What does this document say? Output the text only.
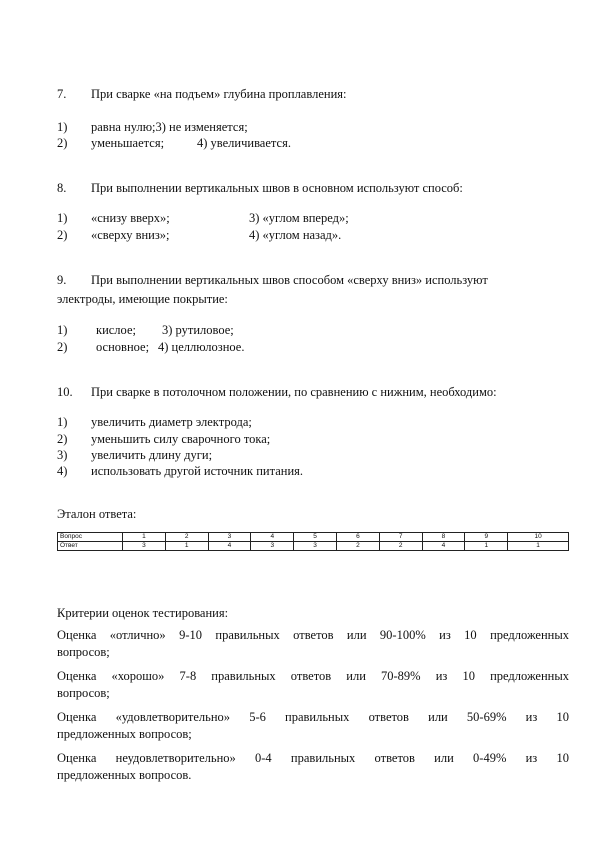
7. При сварке «на подъем» глубина проплавления:
1) равна нулю;3) не изменяется;
2) уменьшается;	4) увеличивается.
8. При выполнении вертикальных швов в основном используют способ:
1) «снизу вверх»;	3) «углом вперед»;
2) «сверху вниз»;	4) «углом назад».
9. При выполнении вертикальных швов способом «сверху вниз» используют
электроды, имеющие покрытие:
1) кислое; 3) рутиловое;
2) основное; 4) целлюлозное.
10. При сварке в потолочном положении, по сравнению с нижним, необходимо:
1) увеличить диаметр электрода;
2) уменьшить силу сварочного тока;
3) увеличить длину дуги;
4) использовать другой источник питания.
Эталон ответа:
Вопрос	1	2	3	4	5	6	7	8	9	10
Ответ	3	1	4	3	3	2	2	4	1	1
Критерии оценок тестирования:
Оценка «отлично» 9-10 правильных ответов или 90-100% из 10 предложенных
вопросов;
Оценка «хорошо» 7-8 правильных ответов или 70-89% из 10 предложенных
вопросов;
Оценка «удовлетворительно» 5-6 правильных ответов или 50-69% из 10
предложенных вопросов;
Оценка неудовлетворительно» 0-4 правильных ответов или 0-49% из 10
предложенных вопросов.
